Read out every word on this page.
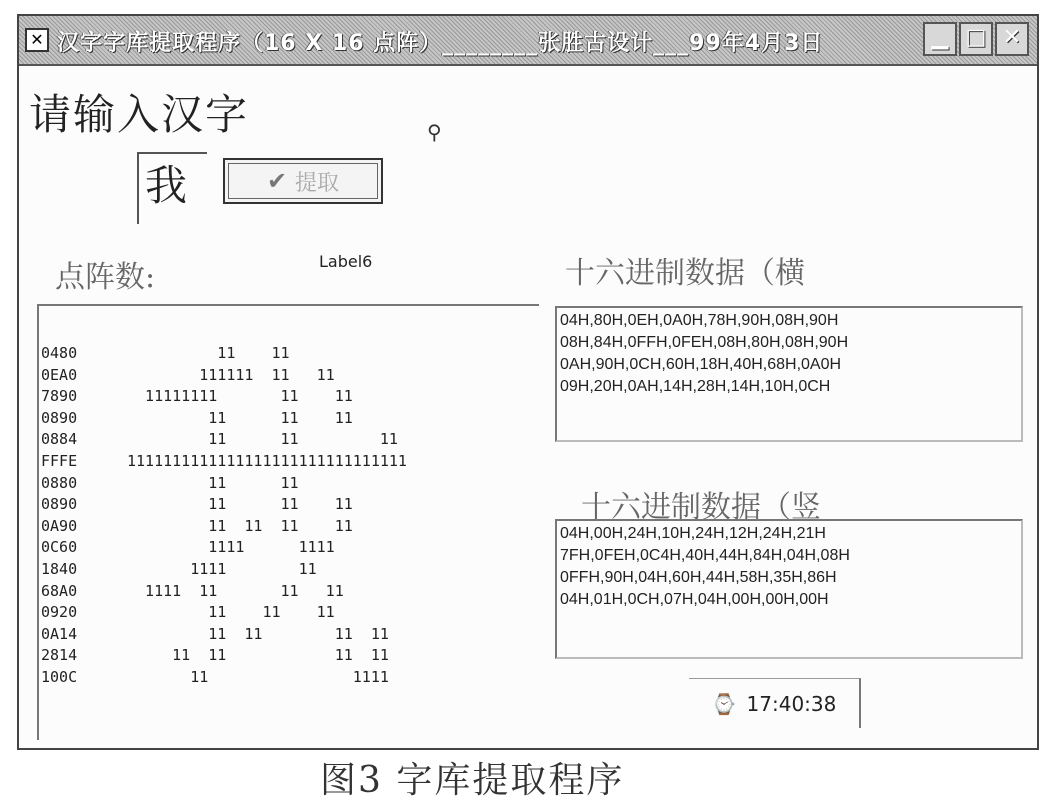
✕ 汉字字库提取程序（16 X 16 点阵）________张胜古设计___99年4月3日	▁ □ ✕
请输入汉字	⚲
我	✔ 提取
点阵数:	Label6	十六进制数据（横
十六进制数据（竖
0480	11    11
0EA0	111111  11   11
7890	11111111       11    11
0890	11      11    11
0884	11      11         11
FFFE	1111111111111111111111111111111
0880	11      11
0890	11      11    11
0A90	11  11  11    11
0C60	1111      1111
1840	1111        11
68A0	1111  11       11   11
0920	11    11    11
0A14	11  11        11  11
2814	11  11            11  11
100C	11                1111
04H,80H,0EH,0A0H,78H,90H,08H,90H
08H,84H,0FFH,0FEH,08H,80H,08H,90H
0AH,90H,0CH,60H,18H,40H,68H,0A0H
09H,20H,0AH,14H,28H,14H,10H,0CH
04H,00H,24H,10H,24H,12H,24H,21H
7FH,0FEH,0C4H,40H,44H,84H,04H,08H
0FFH,90H,04H,60H,44H,58H,35H,86H
04H,01H,0CH,07H,04H,00H,00H,00H
⌚ 17:40:38
图3 字库提取程序
